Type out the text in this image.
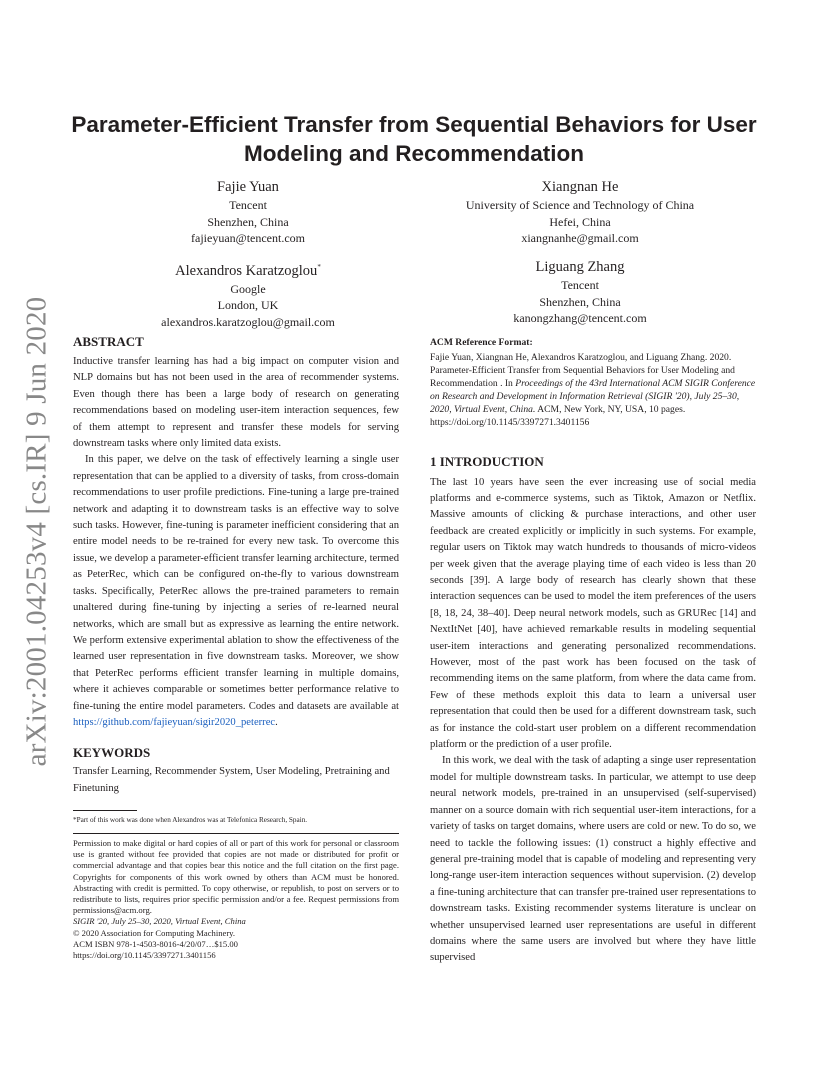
arXiv:2001.04253v4 [cs.IR] 9 Jun 2020
Parameter-Efficient Transfer from Sequential Behaviors for User
Modeling and Recommendation
Fajie Yuan
Tencent
Shenzhen, China
fajieyuan@tencent.com
Xiangnan He
University of Science and Technology of China
Hefei, China
xiangnanhe@gmail.com
Alexandros Karatzoglou*
Google
London, UK
alexandros.karatzoglou@gmail.com
Liguang Zhang
Tencent
Shenzhen, China
kanongzhang@tencent.com
ABSTRACT

Inductive transfer learning has had a big impact on computer vision and NLP domains but has not been used in the area of recommender systems. Even though there has been a large body of research on generating recommendations based on modeling user-item interaction sequences, few of them attempt to represent and transfer these models for serving downstream tasks where only limited data exists.

In this paper, we delve on the task of effectively learning a single user representation that can be applied to a diversity of tasks, from cross-domain recommendations to user profile predictions. Fine-tuning a large pre-trained network and adapting it to downstream tasks is an effective way to solve such tasks. However, fine-tuning is parameter inefficient considering that an entire model needs to be re-trained for every new task. To overcome this issue, we develop a parameter-efficient transfer learning architecture, termed as PeterRec, which can be configured on-the-fly to various downstream tasks. Specifically, PeterRec allows the pre-trained parameters to remain unaltered during fine-tuning by injecting a series of re-learned neural networks, which are small but as expressive as learning the entire network. We perform extensive experimental ablation to show the effectiveness of the learned user representation in five downstream tasks. Moreover, we show that PeterRec performs efficient transfer learning in multiple domains, where it achieves comparable or sometimes better performance relative to fine-tuning the entire model parameters. Codes and datasets are available at https://github.com/fajieyuan/sigir2020_peterrec.

KEYWORDS
Transfer Learning, Recommender System, User Modeling, Pretraining and Finetuning
*Part of this work was done when Alexandros was at Telefonica Research, Spain.
Permission to make digital or hard copies of all or part of this work for personal or classroom use is granted without fee provided that copies are not made or distributed for profit or commercial advantage and that copies bear this notice and the full citation on the first page. Copyrights for components of this work owned by others than ACM must be honored. Abstracting with credit is permitted. To copy otherwise, or republish, to post on servers or to redistribute to lists, requires prior specific permission and/or a fee. Request permissions from permissions@acm.org.
SIGIR '20, July 25–30, 2020, Virtual Event, China
© 2020 Association for Computing Machinery.
ACM ISBN 978-1-4503-8016-4/20/07…$15.00
https://doi.org/10.1145/3397271.3401156
ACM Reference Format:
Fajie Yuan, Xiangnan He, Alexandros Karatzoglou, and Liguang Zhang. 2020. Parameter-Efficient Transfer from Sequential Behaviors for User Modeling and Recommendation . In Proceedings of the 43rd International ACM SIGIR Conference on Research and Development in Information Retrieval (SIGIR '20), July 25–30, 2020, Virtual Event, China. ACM, New York, NY, USA, 10 pages. https://doi.org/10.1145/3397271.3401156
1 INTRODUCTION

The last 10 years have seen the ever increasing use of social media platforms and e-commerce systems, such as Tiktok, Amazon or Netflix. Massive amounts of clicking & purchase interactions, and other user feedback are created explicitly or implicitly in such systems. For example, regular users on Tiktok may watch hundreds to thousands of micro-videos per week given that the average playing time of each video is less than 20 seconds [39]. A large body of research has clearly shown that these interaction sequences can be used to model the item preferences of the users [8, 18, 24, 38–40]. Deep neural network models, such as GRURec [14] and NextItNet [40], have achieved remarkable results in modeling sequential user-item interactions and generating personalized recommendations. However, most of the past work has been focused on the task of recommending items on the same platform, from where the data came from. Few of these methods exploit this data to learn a universal user representation that could then be used for a different downstream task, such as for instance the cold-start user problem on a different recommendation platform or the prediction of a user profile.

In this work, we deal with the task of adapting a singe user representation model for multiple downstream tasks. In particular, we attempt to use deep neural network models, pre-trained in an unsupervised (self-supervised) manner on a source domain with rich sequential user-item interactions, for a variety of tasks on target domains, where users are cold or new. To do so, we need to tackle the following issues: (1) construct a highly effective and general pre-training model that is capable of modeling and representing very long-range user-item interaction sequences without supervision. (2) develop a fine-tuning architecture that can transfer pre-trained user representations to downstream tasks. Existing recommender systems literature is unclear on whether unsupervised learned user representations are useful in different domains where the same users are involved but where they have little supervised
